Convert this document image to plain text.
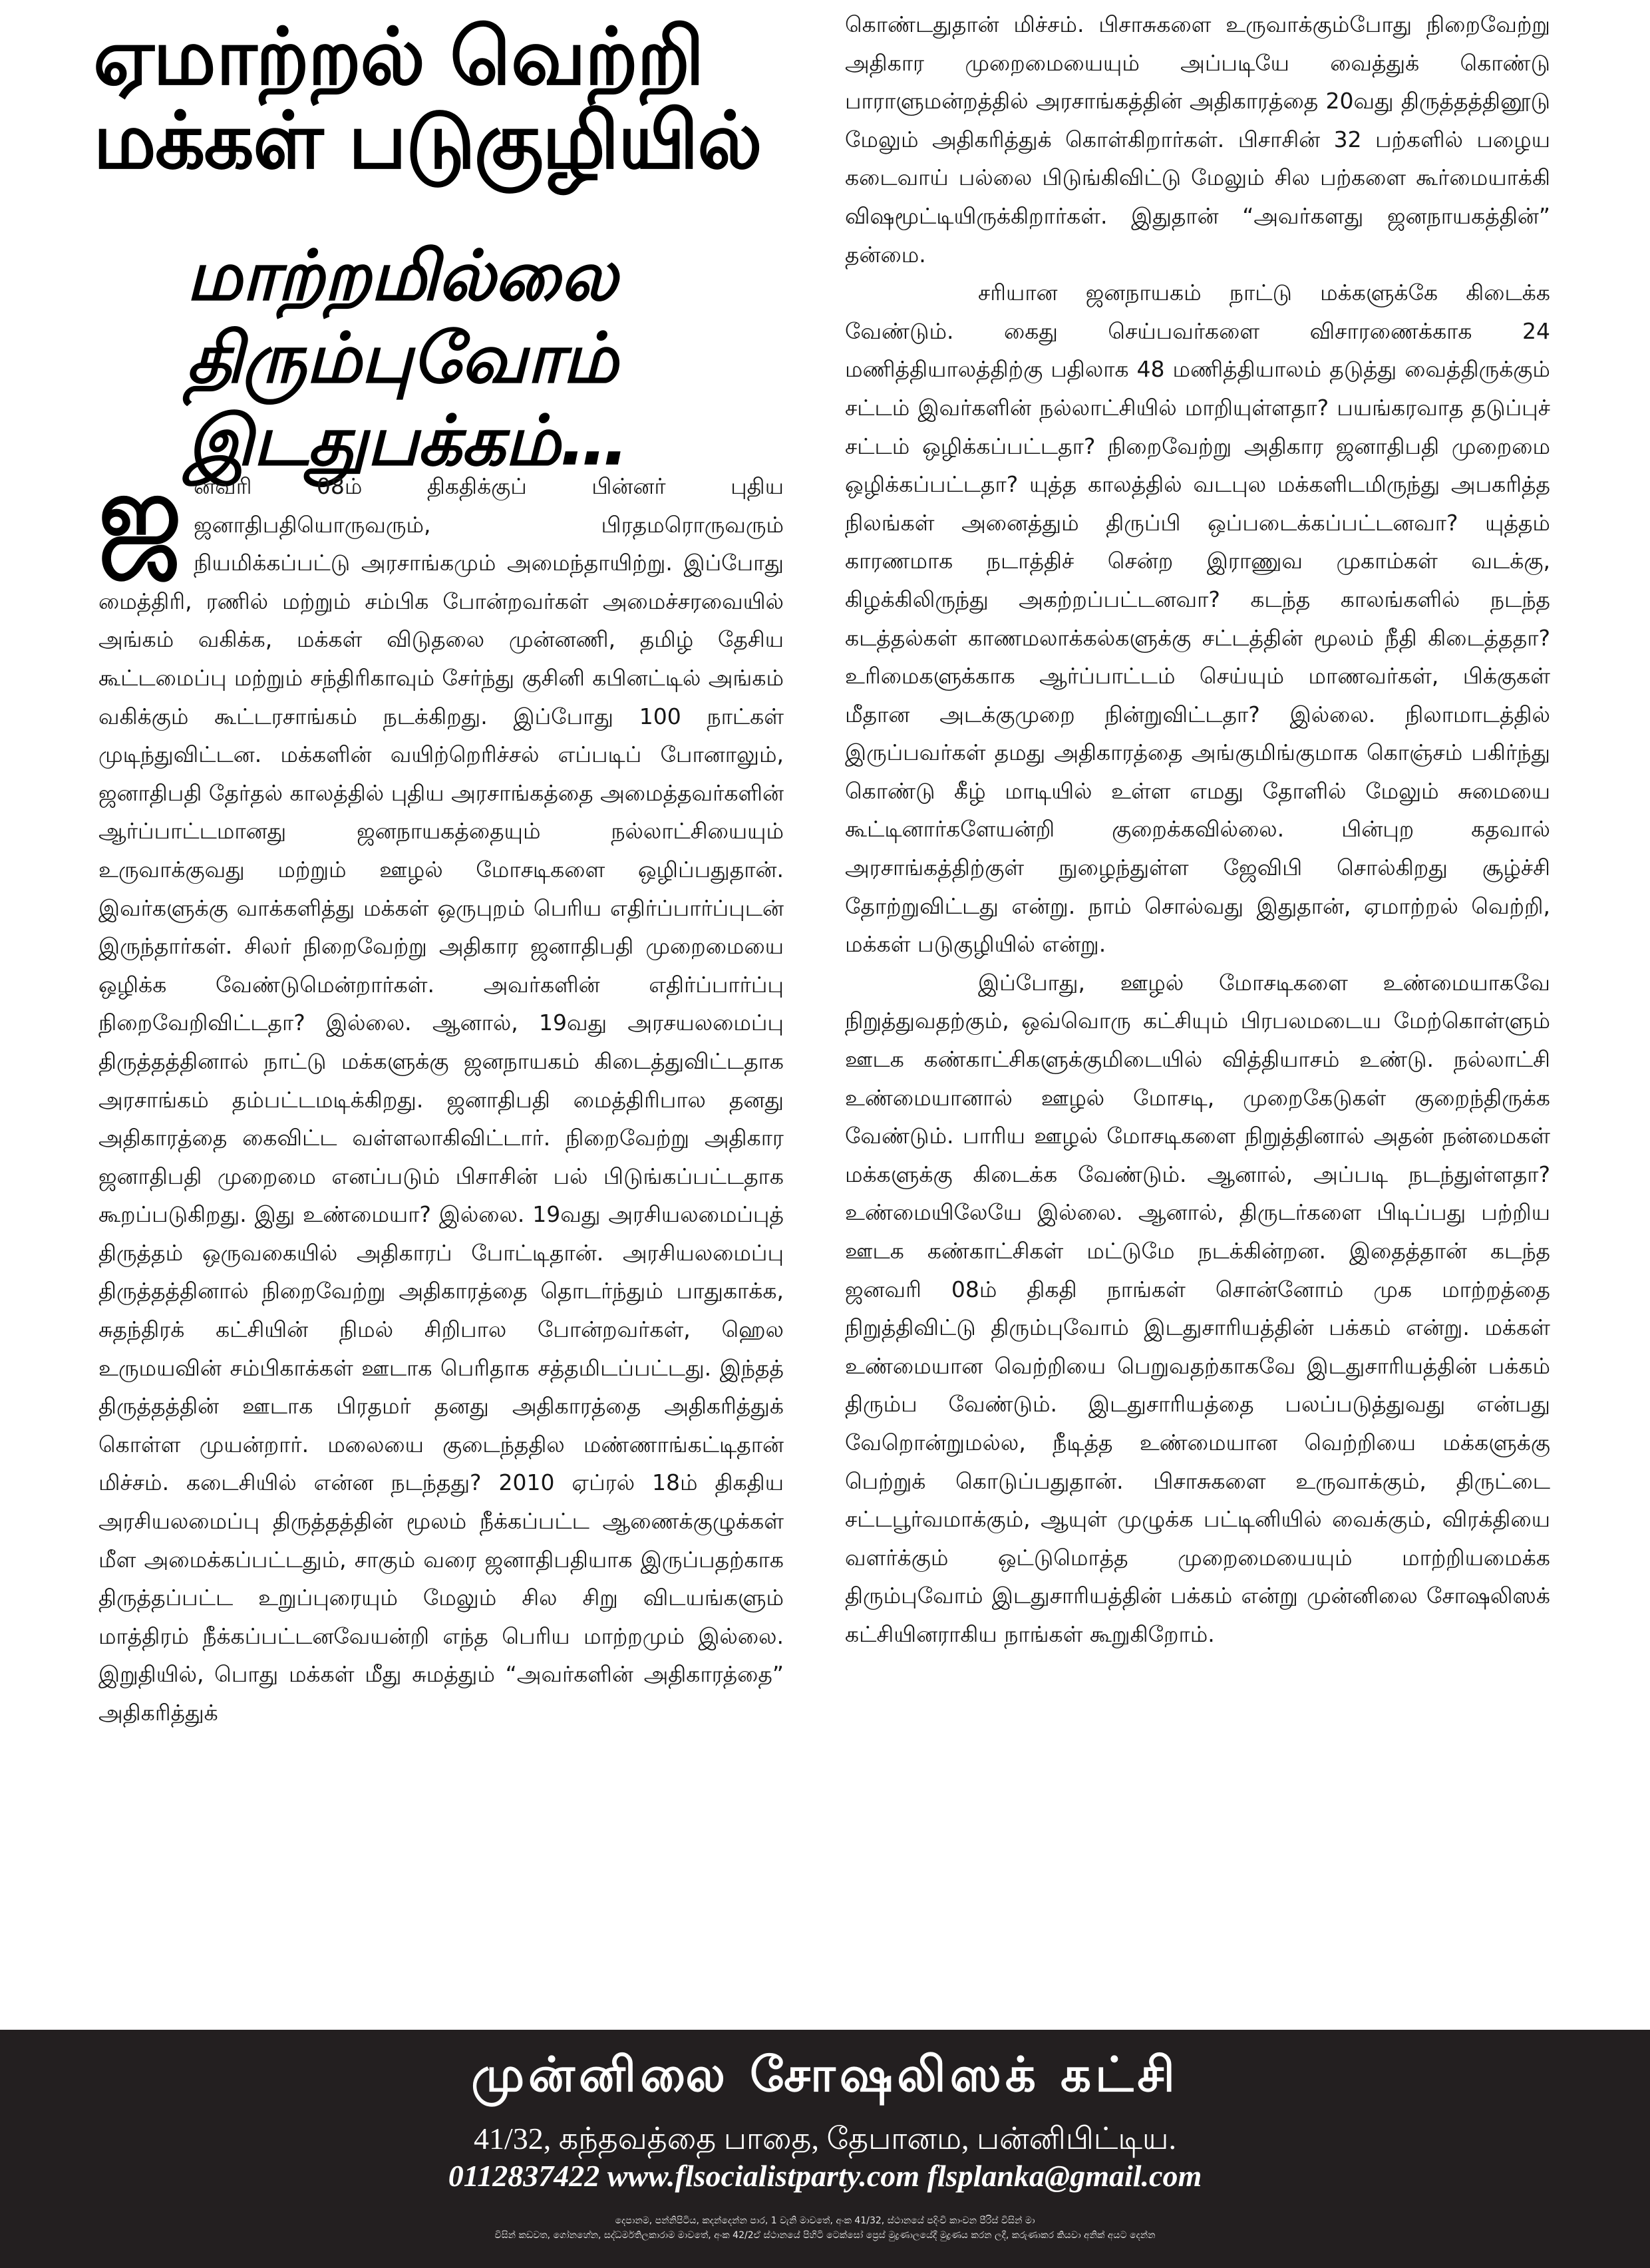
ஏமாற்றல் வெற்றி
மக்கள் படுகுழியில்
மாற்றமில்லை
திரும்புவோம்
இடதுபக்கம்…

ஜனவரி 08ம் திகதிக்குப் பின்னர் புதிய ஜனாதிபதியொருவரும், பிரதமரொருவரும் நியமிக்கப்பட்டு அரசாங்கமும் அமைந்தாயிற்று. இப்போது மைத்திரி, ரணில் மற்றும் சம்பிக போன்றவர்கள் அமைச்சரவையில் அங்கம் வகிக்க, மக்கள் விடுதலை முன்னணி, தமிழ் தேசிய கூட்டமைப்பு மற்றும் சந்திரிகாவும் சேர்ந்து குசினி கபினட்டில் அங்கம் வகிக்கும் கூட்டரசாங்கம் நடக்கிறது. இப்போது 100 நாட்கள் முடிந்துவிட்டன. மக்களின் வயிற்றெரிச்சல் எப்படிப் போனாலும், ஜனாதிபதி தேர்தல் காலத்தில் புதிய அரசாங்கத்தை அமைத்தவர்களின் ஆர்ப்பாட்டமானது ஜனநாயகத்தையும் நல்லாட்சியையும் உருவாக்குவது மற்றும் ஊழல் மோசடிகளை ஒழிப்பதுதான். இவர்களுக்கு வாக்களித்து மக்கள் ஒருபுறம் பெரிய எதிர்ப்பார்ப்புடன் இருந்தார்கள். சிலர் நிறைவேற்று அதிகார ஜனாதிபதி முறைமையை ஒழிக்க வேண்டுமென்றார்கள். அவர்களின் எதிர்ப்பார்ப்பு நிறைவேறிவிட்டதா? இல்லை. ஆனால், 19வது அரசயலமைப்பு திருத்தத்தினால் நாட்டு மக்களுக்கு ஜனநாயகம் கிடைத்துவிட்டதாக அரசாங்கம் தம்பட்டமடிக்கிறது. ஜனாதிபதி மைத்திரிபால தனது அதிகாரத்தை கைவிட்ட வள்ளலாகிவிட்டார். நிறைவேற்று அதிகார ஜனாதிபதி முறைமை எனப்படும் பிசாசின் பல் பிடுங்கப்பட்டதாக கூறப்படுகிறது. இது உண்மையா? இல்லை. 19வது அரசியலமைப்புத் திருத்தம் ஒருவகையில் அதிகாரப் போட்டிதான். அரசியலமைப்பு திருத்தத்தினால் நிறைவேற்று அதிகாரத்தை தொடர்ந்தும் பாதுகாக்க, சுதந்திரக் கட்சியின் நிமல் சிறிபால போன்றவர்கள், ஹெல உருமயவின் சம்பிகாக்கள் ஊடாக பெரிதாக சத்தமிடப்பட்டது. இந்தத் திருத்தத்தின் ஊடாக பிரதமர் தனது அதிகாரத்தை அதிகரித்துக் கொள்ள முயன்றார். மலையை குடைந்ததில மண்ணாங்கட்டிதான் மிச்சம். கடைசியில் என்ன நடந்தது? 2010 ஏப்ரல் 18ம் திகதிய அரசியலமைப்பு திருத்தத்தின் மூலம் நீக்கப்பட்ட ஆணைக்குழுக்கள் மீள அமைக்கப்பட்டதும், சாகும் வரை ஜனாதிபதியாக இருப்பதற்காக திருத்தப்பட்ட உறுப்புரையும் மேலும் சில சிறு விடயங்களும் மாத்திரம் நீக்கப்பட்டனவேயன்றி எந்த பெரிய மாற்றமும் இல்லை. இறுதியில், பொது மக்கள் மீது சுமத்தும் “அவர்களின் அதிகாரத்தை” அதிகரித்துக்

கொண்டதுதான் மிச்சம். பிசாசுகளை உருவாக்கும்போது நிறைவேற்று அதிகார முறைமையையும் அப்படியே வைத்துக் கொண்டு பாராளுமன்றத்தில் அரசாங்கத்தின் அதிகாரத்தை 20வது திருத்தத்தினூடு மேலும் அதிகரித்துக் கொள்கிறார்கள். பிசாசின் 32 பற்களில் பழைய கடைவாய் பல்லை பிடுங்கிவிட்டு மேலும் சில பற்களை கூர்மையாக்கி விஷமூட்டியிருக்கிறார்கள். இதுதான் “அவர்களது ஜனநாயகத்தின்” தன்மை.

சரியான ஜனநாயகம் நாட்டு மக்களுக்கே கிடைக்க வேண்டும். கைது செய்பவர்களை விசாரணைக்காக 24 மணித்தியாலத்திற்கு பதிலாக 48 மணித்தியாலம் தடுத்து வைத்திருக்கும் சட்டம் இவர்களின் நல்லாட்சியில் மாறியுள்ளதா? பயங்கரவாத தடுப்புச் சட்டம் ஒழிக்கப்பட்டதா? நிறைவேற்று அதிகார ஜனாதிபதி முறைமை ஒழிக்கப்பட்டதா? யுத்த காலத்தில் வடபுல மக்களிடமிருந்து அபகரித்த நிலங்கள் அனைத்தும் திருப்பி ஒப்படைக்கப்பட்டனவா? யுத்தம் காரணமாக நடாத்திச் சென்ற இராணுவ முகாம்கள் வடக்கு, கிழக்கிலிருந்து அகற்றப்பட்டனவா? கடந்த காலங்களில் நடந்த கடத்தல்கள் காணமலாக்கல்களுக்கு சட்டத்தின் மூலம் நீதி கிடைத்ததா? உரிமைகளுக்காக ஆர்ப்பாட்டம் செய்யும் மாணவர்கள், பிக்குகள் மீதான அடக்குமுறை நின்றுவிட்டதா? இல்லை. நிலாமாடத்தில் இருப்பவர்கள் தமது அதிகாரத்தை அங்குமிங்குமாக கொஞ்சம் பகிர்ந்து கொண்டு கீழ் மாடியில் உள்ள எமது தோளில் மேலும் சுமையை கூட்டினார்களேயன்றி குறைக்கவில்லை. பின்புற கதவால் அரசாங்கத்திற்குள் நுழைந்துள்ள ஜேவிபி சொல்கிறது சூழ்ச்சி தோற்றுவிட்டது என்று. நாம் சொல்வது இதுதான், ஏமாற்றல் வெற்றி, மக்கள் படுகுழியில் என்று.

இப்போது, ஊழல் மோசடிகளை உண்மையாகவே நிறுத்துவதற்கும், ஒவ்வொரு கட்சியும் பிரபலமடைய மேற்கொள்ளும் ஊடக கண்காட்சிகளுக்குமிடையில் வித்தியாசம் உண்டு. நல்லாட்சி உண்மையானால் ஊழல் மோசடி, முறைகேடுகள் குறைந்திருக்க வேண்டும். பாரிய ஊழல் மோசடிகளை நிறுத்தினால் அதன் நன்மைகள் மக்களுக்கு கிடைக்க வேண்டும். ஆனால், அப்படி நடந்துள்ளதா? உண்மையிலேயே இல்லை. ஆனால், திருடர்களை பிடிப்பது பற்றிய ஊடக கண்காட்சிகள் மட்டுமே நடக்கின்றன. இதைத்தான் கடந்த ஜனவரி 08ம் திகதி நாங்கள் சொன்னோம் முக மாற்றத்தை நிறுத்திவிட்டு திரும்புவோம் இடதுசாரியத்தின் பக்கம் என்று. மக்கள் உண்மையான வெற்றியை பெறுவதற்காகவே இடதுசாரியத்தின் பக்கம் திரும்ப வேண்டும். இடதுசாரியத்தை பலப்படுத்துவது என்பது வேறொன்றுமல்ல, நீடித்த உண்மையான வெற்றியை மக்களுக்கு பெற்றுக் கொடுப்பதுதான். பிசாசுகளை உருவாக்கும், திருட்டை சட்டபூர்வமாக்கும், ஆயுள் முழுக்க பட்டினியில் வைக்கும், விரக்தியை வளர்க்கும் ஒட்டுமொத்த முறைமையையும் மாற்றியமைக்க திரும்புவோம் இடதுசாரியத்தின் பக்கம் என்று முன்னிலை சோஷலிஸக் கட்சியினராகிய நாங்கள் கூறுகிறோம்.

முன்னிலை சோஷலிஸக் கட்சி
41/32, கந்தவத்தை பாதை, தேபானம, பன்னிபிட்டிய.
0112837422 www.flsocialistparty.com flsplanka@gmail.com
දෙපානම, පන්නිපිටිය, කදන්දෙන්න පාර, 1 වැනි මාවතේ, අංක 41/32, ස්ථානයේ පදිංචි කාංචන පීරිස් විසින් මා
විසින් කඩවත, ගෝනහේන, සද්ධර්මතිලකාරාම මාවතේ, අංක 42/2ඒ ස්ථානයේ පිහිටි ටෙක්සෝ ප්‍රෙස් මුද්‍රණාලයේදී මුද්‍රණය කරන ලදී, කරුණාකර කියවා අනික් අයට දෙන්න
